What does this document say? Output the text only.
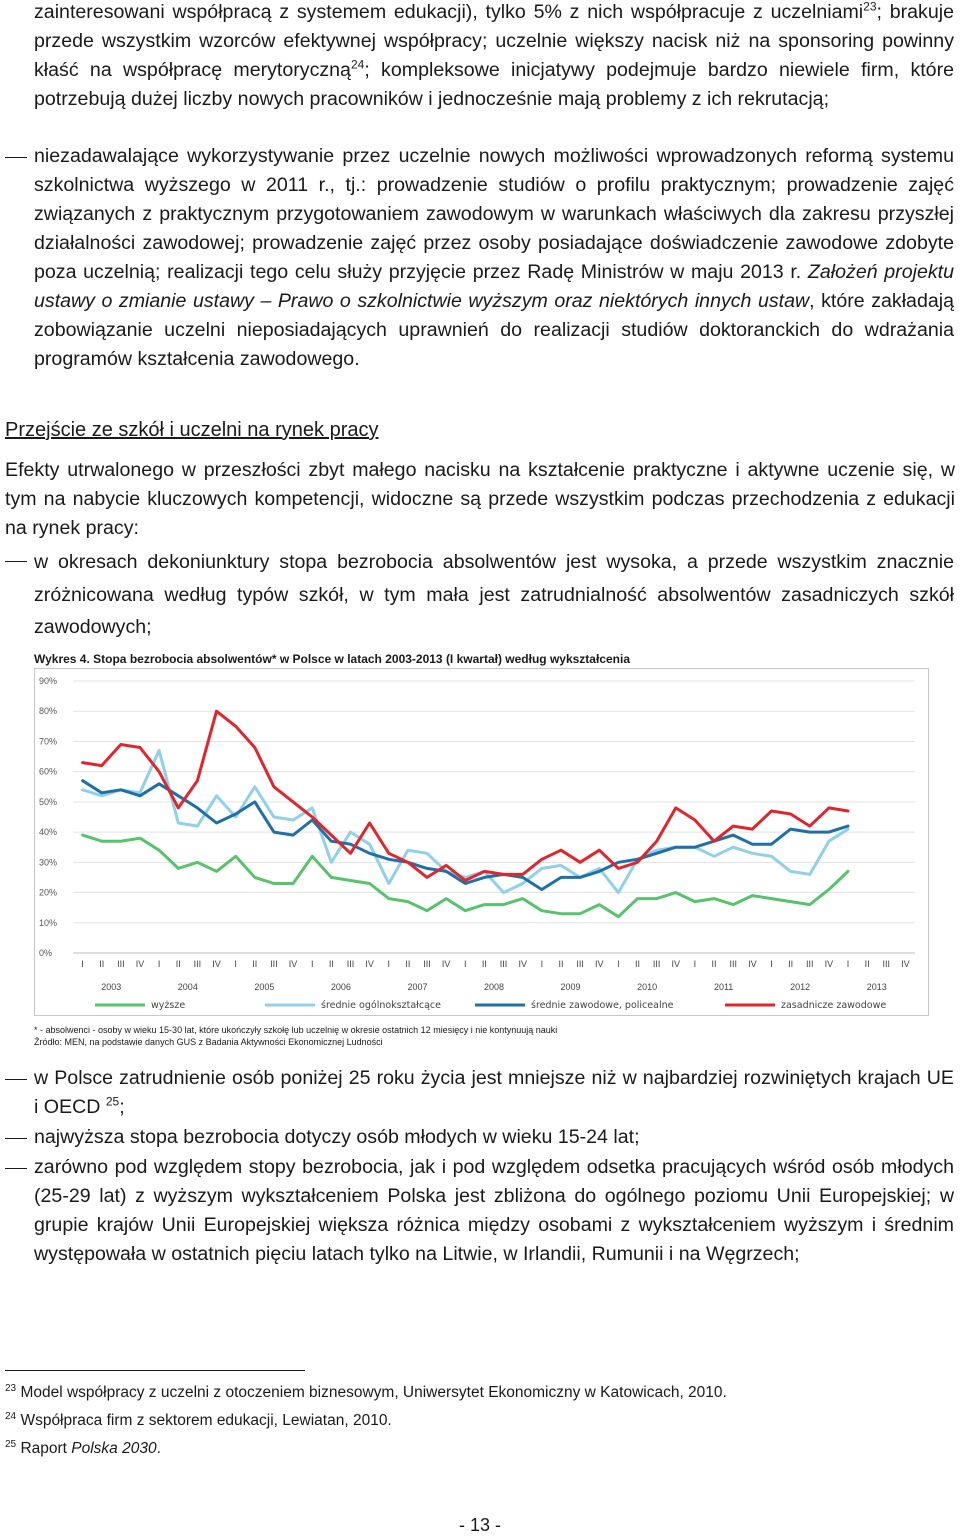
zainteresowani współpracą z systemem edukacji), tylko 5% z nich współpracuje z uczelniami$^{23}$; brakuje przede wszystkim wzorców efektywnej współpracy; uczelnie większy nacisk niż na sponsoring powinny kłaść na współpracę merytoryczną$^{24}$; kompleksowe inicjatywy podejmuje bardzo niewiele firm, które potrzebują dużej liczby nowych pracowników i jednocześnie mają problemy z ich rekrutacją;

niezadawalające wykorzystywanie przez uczelnie nowych możliwości wprowadzonych reformą systemu szkolnictwa wyższego w 2011 r., tj.: prowadzenie studiów o profilu praktycznym; prowadzenie zajęć związanych z praktycznym przygotowaniem zawodowym w warunkach właściwych dla zakresu przyszłej działalności zawodowej; prowadzenie zajęć przez osoby posiadające doświadczenie zawodowe zdobyte poza uczelnią; realizacji tego celu służy przyjęcie przez Radę Ministrów w maju 2013 r. Założeń projektu ustawy o zmianie ustawy – Prawo o szkolnictwie wyższym oraz niektórych innych ustaw, które zakładają zobowiązanie uczelni nieposiadających uprawnień do realizacji studiów doktoranckich do wdrażania programów kształcenia zawodowego.

Przejście ze szkół i uczelni na rynek pracy

Efekty utrwalonego w przeszłości zbyt małego nacisku na kształcenie praktyczne i aktywne uczenie się, w tym na nabycie kluczowych kompetencji, widoczne są przede wszystkim podczas przechodzenia z edukacji na rynek pracy:

w okresach dekoniunktury stopa bezrobocia absolwentów jest wysoka, a przede wszystkim znacznie zróżnicowana według typów szkół, w tym mała jest zatrudnialność absolwentów zasadniczych szkół zawodowych;

Wykres 4. Stopa bezrobocia absolwentów* w Polsce w latach 2003-2013 (I kwartał) według wykształcenia

0%
10%
20%
30%
40%
50%
60%
70%
80%
90%
I II III IV I II III IV I II III IV I II III IV I II III IV I II III IV I II III IV I II III IV I II III IV I II III IV I II III IV
2003	2004	2005	2006	2007	2008	2009	2010	2011	2012	2013
wyższe	średnie ogólnokształcące	średnie zawodowe, policealne	zasadnicze zawodowe

* - absolwenci - osoby w wieku 15-30 lat, które ukończyły szkołę lub uczelnię w okresie ostatnich 12 miesięcy i nie kontynuują nauki

Źródło: MEN, na podstawie danych GUS z Badania Aktywności Ekonomicznej Ludności

w Polsce zatrudnienie osób poniżej 25 roku życia jest mniejsze niż w najbardziej rozwiniętych krajach UE i OECD $^{25}$;

najwyższa stopa bezrobocia dotyczy osób młodych w wieku 15-24 lat;

zarówno pod względem stopy bezrobocia, jak i pod względem odsetka pracujących wśród osób młodych (25-29 lat) z wyższym wykształceniem Polska jest zbliżona do ogólnego poziomu Unii Europejskiej; w grupie krajów Unii Europejskiej większa różnica między osobami z wykształceniem wyższym i średnim występowała w ostatnich pięciu latach tylko na Litwie, w Irlandii, Rumunii i na Węgrzech;

$^{23}$ Model współpracy z uczelni z otoczeniem biznesowym, Uniwersytet Ekonomiczny w Katowicach, 2010.

$^{24}$ Współpraca firm z sektorem edukacji, Lewiatan, 2010.

$^{25}$ Raport Polska 2030.

- 13 -
